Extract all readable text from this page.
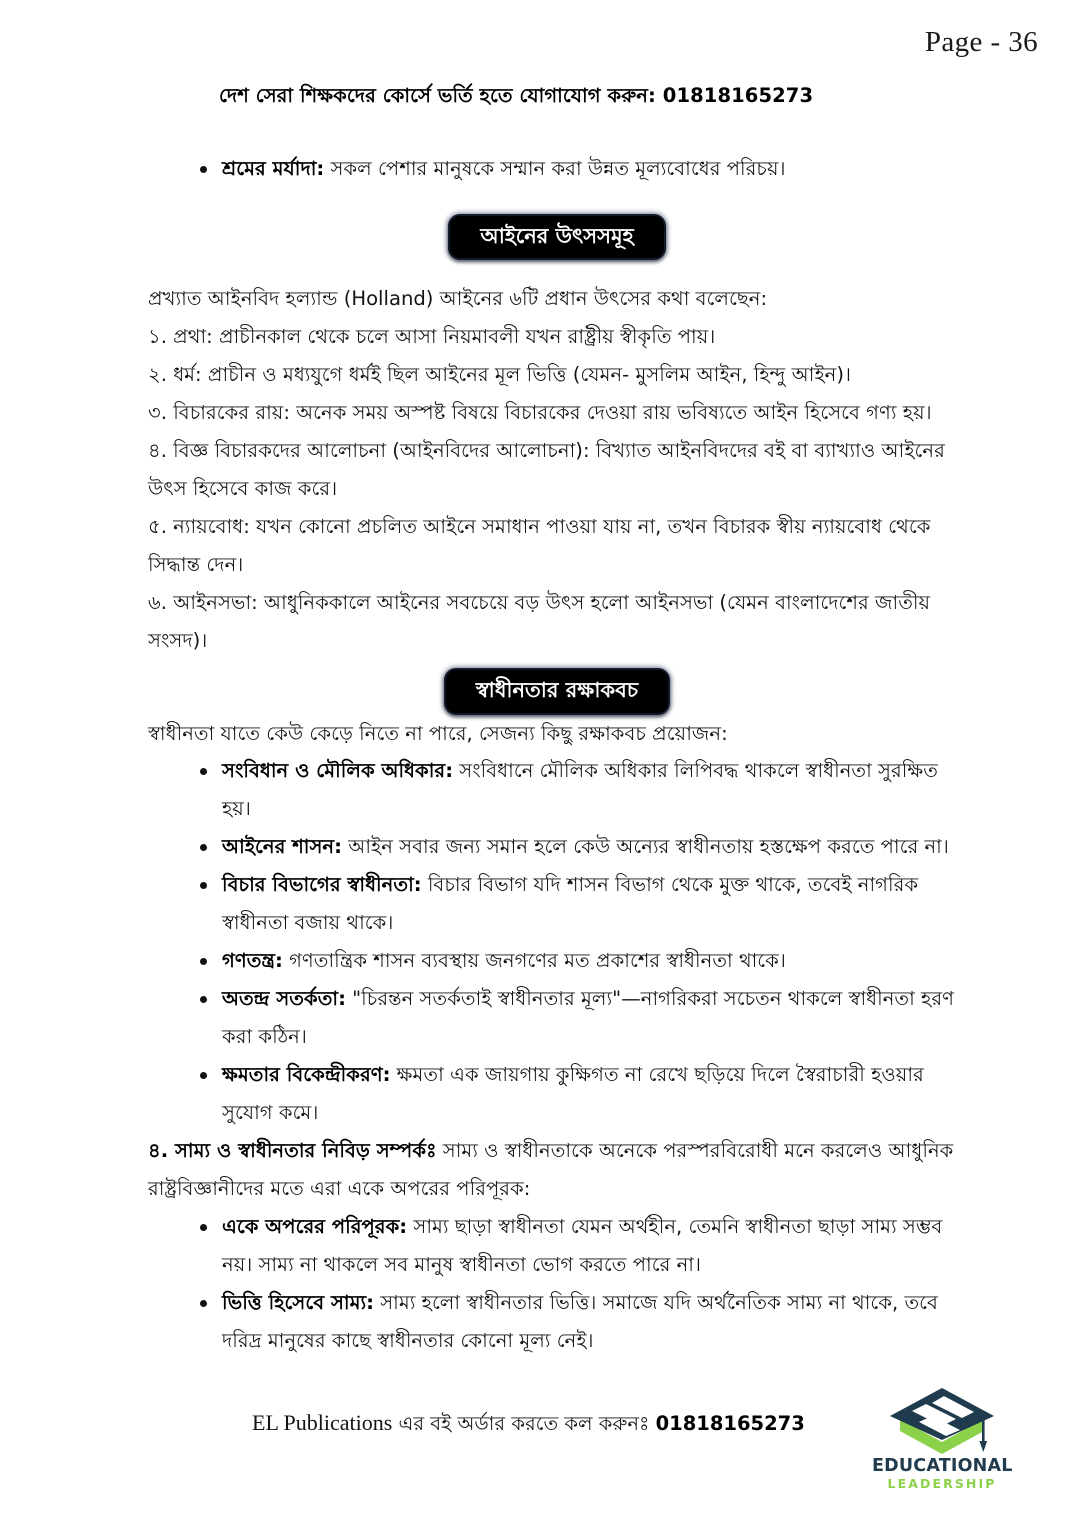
Page - 36
দেশ সেরা শিক্ষকদের কোর্সে ভর্তি হতে যোগাযোগ করুন: 01818165273
শ্রমের মর্যাদা: সকল পেশার মানুষকে সম্মান করা উন্নত মূল্যবোধের পরিচয়।
আইনের উৎসসমূহ

প্রখ্যাত আইনবিদ হল্যান্ড (Holland) আইনের ৬টি প্রধান উৎসের কথা বলেছেন:

১. প্রথা: প্রাচীনকাল থেকে চলে আসা নিয়মাবলী যখন রাষ্ট্রীয় স্বীকৃতি পায়।
২. ধর্ম: প্রাচীন ও মধ্যযুগে ধর্মই ছিল আইনের মূল ভিত্তি (যেমন- মুসলিম আইন, হিন্দু আইন)।
৩. বিচারকের রায়: অনেক সময় অস্পষ্ট বিষয়ে বিচারকের দেওয়া রায় ভবিষ্যতে আইন হিসেবে গণ্য হয়।
৪. বিজ্ঞ বিচারকদের আলোচনা (আইনবিদের আলোচনা): বিখ্যাত আইনবিদদের বই বা ব্যাখ্যাও আইনের উৎস হিসেবে কাজ করে।
৫. ন্যায়বোধ: যখন কোনো প্রচলিত আইনে সমাধান পাওয়া যায় না, তখন বিচারক স্বীয় ন্যায়বোধ থেকে সিদ্ধান্ত দেন।
৬. আইনসভা: আধুনিককালে আইনের সবচেয়ে বড় উৎস হলো আইনসভা (যেমন বাংলাদেশের জাতীয় সংসদ)।
স্বাধীনতার রক্ষাকবচ

স্বাধীনতা যাতে কেউ কেড়ে নিতে না পারে, সেজন্য কিছু রক্ষাকবচ প্রয়োজন:

সংবিধান ও মৌলিক অধিকার: সংবিধানে মৌলিক অধিকার লিপিবদ্ধ থাকলে স্বাধীনতা সুরক্ষিত হয়।
আইনের শাসন: আইন সবার জন্য সমান হলে কেউ অন্যের স্বাধীনতায় হস্তক্ষেপ করতে পারে না।
বিচার বিভাগের স্বাধীনতা: বিচার বিভাগ যদি শাসন বিভাগ থেকে মুক্ত থাকে, তবেই নাগরিক স্বাধীনতা বজায় থাকে।
গণতন্ত্র: গণতান্ত্রিক শাসন ব্যবস্থায় জনগণের মত প্রকাশের স্বাধীনতা থাকে।
অতন্দ্র সতর্কতা: "চিরন্তন সতর্কতাই স্বাধীনতার মূল্য"—নাগরিকরা সচেতন থাকলে স্বাধীনতা হরণ করা কঠিন।
ক্ষমতার বিকেন্দ্রীকরণ: ক্ষমতা এক জায়গায় কুক্ষিগত না রেখে ছড়িয়ে দিলে স্বৈরাচারী হওয়ার সুযোগ কমে।
৪. সাম্য ও স্বাধীনতার নিবিড় সম্পর্কঃ সাম্য ও স্বাধীনতাকে অনেকে পরস্পরবিরোধী মনে করলেও আধুনিক রাষ্ট্রবিজ্ঞানীদের মতে এরা একে অপরের পরিপূরক:
একে অপরের পরিপূরক: সাম্য ছাড়া স্বাধীনতা যেমন অর্থহীন, তেমনি স্বাধীনতা ছাড়া সাম্য সম্ভব নয়। সাম্য না থাকলে সব মানুষ স্বাধীনতা ভোগ করতে পারে না।
ভিত্তি হিসেবে সাম্য: সাম্য হলো স্বাধীনতার ভিত্তি। সমাজে যদি অর্থনৈতিক সাম্য না থাকে, তবে দরিদ্র মানুষের কাছে স্বাধীনতার কোনো মূল্য নেই।
EL Publications এর বই অর্ডার করতে কল করুনঃ 01818165273
EDUCATIONAL
LEADERSHIP
